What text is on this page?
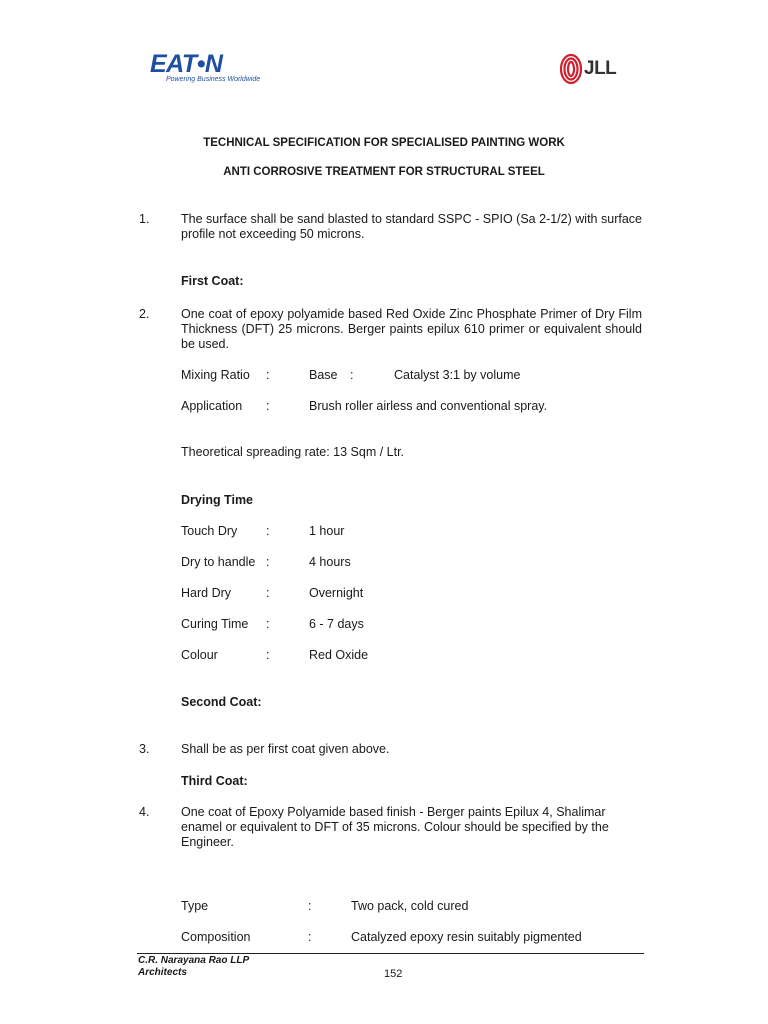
EAT•N
Powering Business Worldwide
JLL
TECHNICAL SPECIFICATION FOR SPECIALISED PAINTING WORK
ANTI CORROSIVE TREATMENT FOR STRUCTURAL STEEL
1.	The surface shall be sand blasted to standard SSPC - SPIO (Sa 2-1/2) with surface profile not exceeding 50 microns.
First Coat:
2.	One coat of epoxy polyamide based Red Oxide Zinc Phosphate Primer of Dry Film Thickness (DFT) 25 microns. Berger paints epilux 610 primer or equivalent should be used.
Mixing Ratio :	Base :	Catalyst 3:1 by volume
Application :	Brush roller airless and conventional spray.
Theoretical spreading rate: 13 Sqm / Ltr.
Drying Time
Touch Dry :	1 hour
Dry to handle :	4 hours
Hard Dry	:	Overnight
Curing Time :	6 - 7 days
Colour	:	Red Oxide
Second Coat:
3.	Shall be as per first coat given above.
Third Coat:
4.	One coat of Epoxy Polyamide based finish - Berger paints Epilux 4, Shalimar enamel or equivalent to DFT of 35 microns. Colour should be specified by the Engineer.
Type	:	Two pack, cold cured
Composition	:	Catalyzed epoxy resin suitably pigmented
C.R. Narayana Rao LLP
Architects	152
